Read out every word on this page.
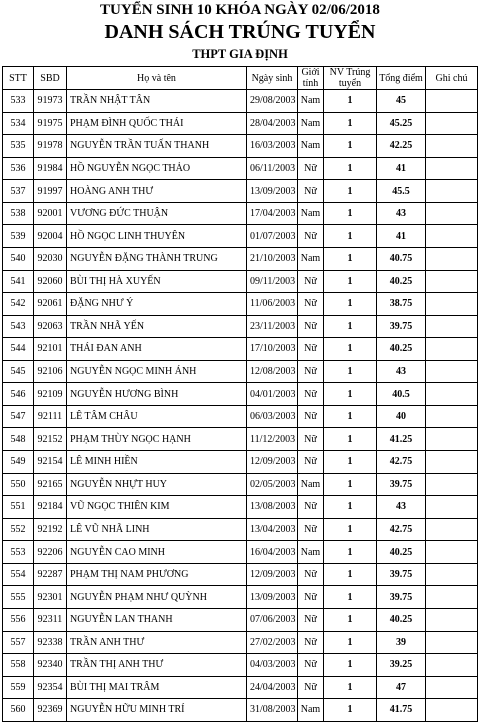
TUYỂN SINH 10 KHÓA NGÀY 02/06/2018
DANH SÁCH TRÚNG TUYỂN
THPT GIA ĐỊNH
STT	SBD	Họ và tên	Ngày sinh	Giới tính	NV Trúng tuyển	Tổng điểm	Ghi chú
533	91973	TRẦN NHẬT TÂN	29/08/2003	Nam	1	45	
534	91975	PHẠM ĐÌNH QUỐC THÁI	28/04/2003	Nam	1	45.25	
535	91978	NGUYỄN TRẦN TUẤN THANH	16/03/2003	Nam	1	42.25	
536	91984	HỒ NGUYỄN NGỌC THẢO	06/11/2003	Nữ	1	41	
537	91997	HOÀNG ANH THƯ	13/09/2003	Nữ	1	45.5	
538	92001	VƯƠNG ĐỨC THUẬN	17/04/2003	Nam	1	43	
539	92004	HỒ NGỌC LINH THUYÊN	01/07/2003	Nữ	1	41	
540	92030	NGUYỄN ĐẶNG THÀNH TRUNG	21/10/2003	Nam	1	40.75	
541	92060	BÙI THỊ HÀ XUYẾN	09/11/2003	Nữ	1	40.25	
542	92061	ĐẶNG NHƯ Ý	11/06/2003	Nữ	1	38.75	
543	92063	TRẦN NHÃ YẾN	23/11/2003	Nữ	1	39.75	
544	92101	THÁI ĐAN ANH	17/10/2003	Nữ	1	40.25	
545	92106	NGUYỄN NGỌC MINH ÁNH	12/08/2003	Nữ	1	43	
546	92109	NGUYỄN HƯƠNG BÌNH	04/01/2003	Nữ	1	40.5	
547	92111	LÊ TÂM CHÂU	06/03/2003	Nữ	1	40	
548	92152	PHẠM THÙY NGỌC HẠNH	11/12/2003	Nữ	1	41.25	
549	92154	LÊ MINH HIỀN	12/09/2003	Nữ	1	42.75	
550	92165	NGUYỄN NHỰT HUY	02/05/2003	Nam	1	39.75	
551	92184	VŨ NGỌC THIÊN KIM	13/08/2003	Nữ	1	43	
552	92192	LÊ VŨ NHÃ LINH	13/04/2003	Nữ	1	42.75	
553	92206	NGUYỄN CAO MINH	16/04/2003	Nam	1	40.25	
554	92287	PHẠM THỊ NAM PHƯƠNG	12/09/2003	Nữ	1	39.75	
555	92301	NGUYỄN PHẠM NHƯ QUỲNH	13/09/2003	Nữ	1	39.75	
556	92311	NGUYỄN LAN THANH	07/06/2003	Nữ	1	40.25	
557	92338	TRẦN ANH THƯ	27/02/2003	Nữ	1	39	
558	92340	TRẦN THỊ ANH THƯ	04/03/2003	Nữ	1	39.25	
559	92354	BÙI THỊ MAI TRÂM	24/04/2003	Nữ	1	47	
560	92369	NGUYỄN HỮU MINH TRÍ	31/08/2003	Nam	1	41.75	
